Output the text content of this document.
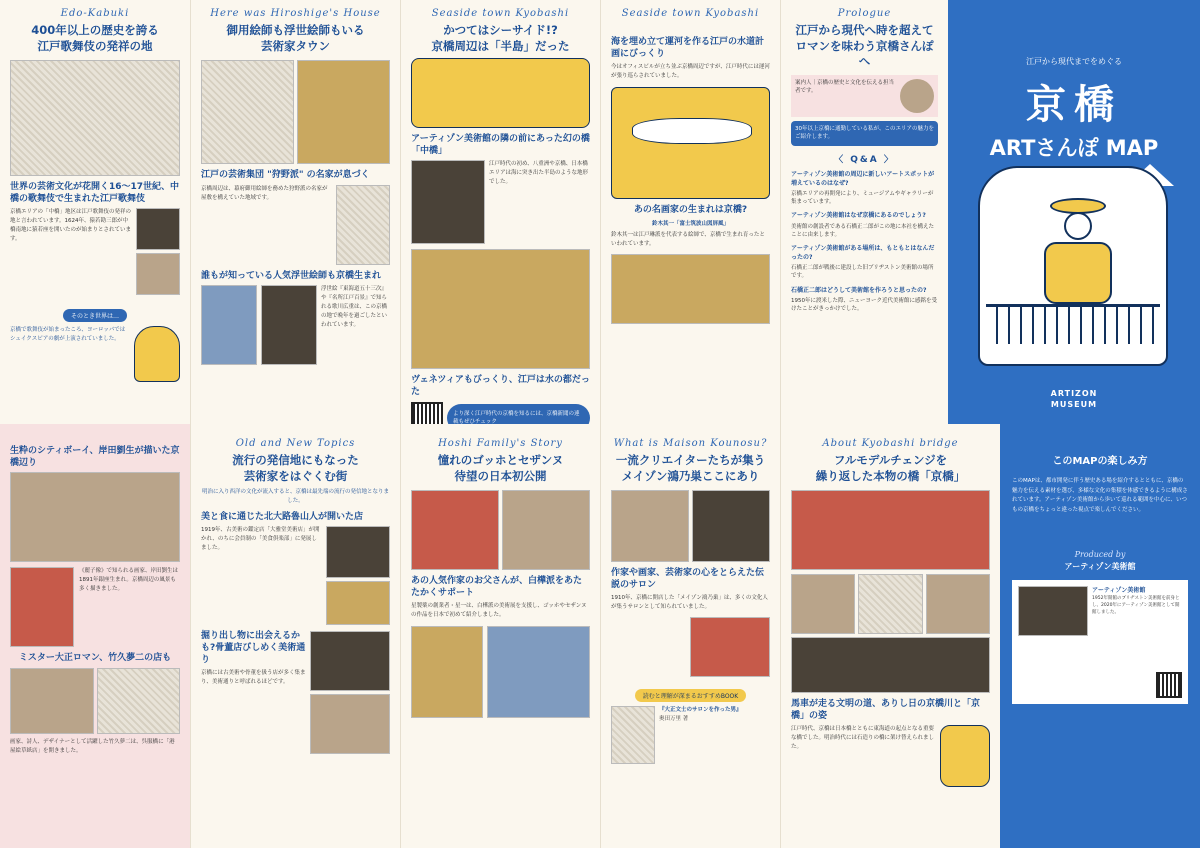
Edo-Kabuki
400年以上の歴史を誇る
江戸歌舞伎の発祥の地
世界の芸術文化が花開く16～17世紀、中橋の歌舞伎で生まれた江戸歌舞伎
京橋エリアの「中橋」地区は江戸歌舞伎の発祥の地と言われています。1624年、猿若勘三郎が中橋南地に猿若座を開いたのが始まりとされています。
そのとき世界は…
京橋で歌舞伎が始まったころ、ヨーロッパではシェイクスピアの劇が上演されていました。
Here was Hiroshige's House
御用絵師も浮世絵師もいる
芸術家タウン
江戸の芸術集団 "狩野派" の名家が息づく
京橋周辺は、幕府御用絵師を務めた狩野派の名家が屋敷を構えていた地域です。
誰もが知っている人気浮世絵師も京橋生まれ
浮世絵『東海道五十三次』や『名所江戸百景』で知られる歌川広重は、この京橋の地で晩年を過ごしたといわれています。
Seaside town Kyobashi
かつてはシーサイド!?
京橋周辺は「半島」だった
アーティゾン美術館の隣の前にあった幻の橋「中橋」
江戸時代の初め、八重洲や京橋、日本橋エリアは海に突き出た半島のような地形でした。
ヴェネツィアもびっくり、江戸は水の都だった
より深く江戸時代の京橋を知るには、京橋新聞の連載もぜひチェック
Seaside town Kyobashi
海を埋め立て運河を作る江戸の水道計画にびっくり
今はオフィスビルが立ち並ぶ京橋周辺ですが、江戸時代には運河が張り巡らされていました。
あの名画家の生まれは京橋?
鈴木其一「富士筑波山図屏風」
鈴木其一は江戸琳派を代表する絵師で、京橋で生まれ育ったといわれています。
Prologue
江戸から現代へ時を超えて
ロマンを味わう京橋さんぽへ
案内人｜京橋の歴史と文化を伝える担当者です。
30年以上京橋に通勤している私が、このエリアの魅力をご紹介します。
〈 Q&A 〉
アーティゾン美術館の周辺に新しいアートスポットが増えているのはなぜ?
京橋エリアの再開発により、ミュージアムやギャラリーが集まっています。
アーティゾン美術館はなぜ京橋にあるのでしょう?
美術館の創設者である石橋正二郎がこの地に本社を構えたことに由来します。
アーティゾン美術館がある場所は、もともとはなんだったの?
石橋正二郎が戦後に建設した旧ブリヂストン美術館の場所です。
石橋正二郎はどうして美術館を作ろうと思ったの?
1950年に渡米した際、ニューヨーク近代美術館に感銘を受けたことがきっかけでした。
江戸から現代までをめぐる
京橋
ARTさんぽ MAP
ARTIZON
MUSEUM
生粋のシティボーイ、岸田劉生が描いた京橋辺り
《麗子像》で知られる画家、岸田劉生は1891年銀座生まれ。京橋周辺の風景も多く描きました。
ミスター大正ロマン、竹久夢二の店も
画家、詩人、デザイナーとして活躍した竹久夢二は、呉服橋に「港屋絵草紙店」を開きました。
Old and New Topics
流行の発信地にもなった
芸術家をはぐくむ街
明治に入り西洋の文化が流入すると、京橋は最先端の流行の発信地となりました。
美と食に通じた北大路魯山人が開いた店
1919年、古美術の鑑定店「大雅堂美術店」が開かれ、のちに会員制の「美食倶楽部」に発展しました。
掘り出し物に出会えるかも?骨董店びしめく美術通り
京橋には古美術や骨董を扱う店が多く集まり、美術通りと呼ばれるほどです。
Hoshi Family's Story
憧れのゴッホとセザンヌ
待望の日本初公開
あの人気作家のお父さんが、白樺派をあたたかくサポート
星製薬の創業者・星一は、白樺派の美術展を支援し、ゴッホやセザンヌの作品を日本で初めて紹介しました。
What is Maison Kounosu?
一流クリエイターたちが集う
メイゾン鴻乃巣ここにあり
作家や画家、芸術家の心をとらえた伝説のサロン
1910年、京橋に開店した「メイゾン鴻乃巣」は、多くの文化人が集うサロンとして知られていました。
読むと理解が深まるおすすめBOOK
『大正文士のサロンを作った男』
奥田万里 著
About Kyobashi bridge
フルモデルチェンジを
繰り返した本物の橋「京橋」
馬車が走る文明の道、ありし日の京橋川と「京橋」の姿
江戸時代、京橋は日本橋とともに東海道の起点となる重要な橋でした。明治時代には石造りの橋に架け替えられました。
このMAPの楽しみ方
このMAPは、都市開発に伴う歴史ある場を紹介するとともに、京橋の魅力を伝える素材を選び、多様な文化の集積を体感できるように構成されています。アーティゾン美術館から歩いて巡れる範囲を中心に、いつもの京橋をちょっと違った視点で楽しんでください。
Produced by
アーティゾン美術館
アーティゾン美術館
1952年開館のブリヂストン美術館を前身とし、2020年にアーティゾン美術館として開館しました。
